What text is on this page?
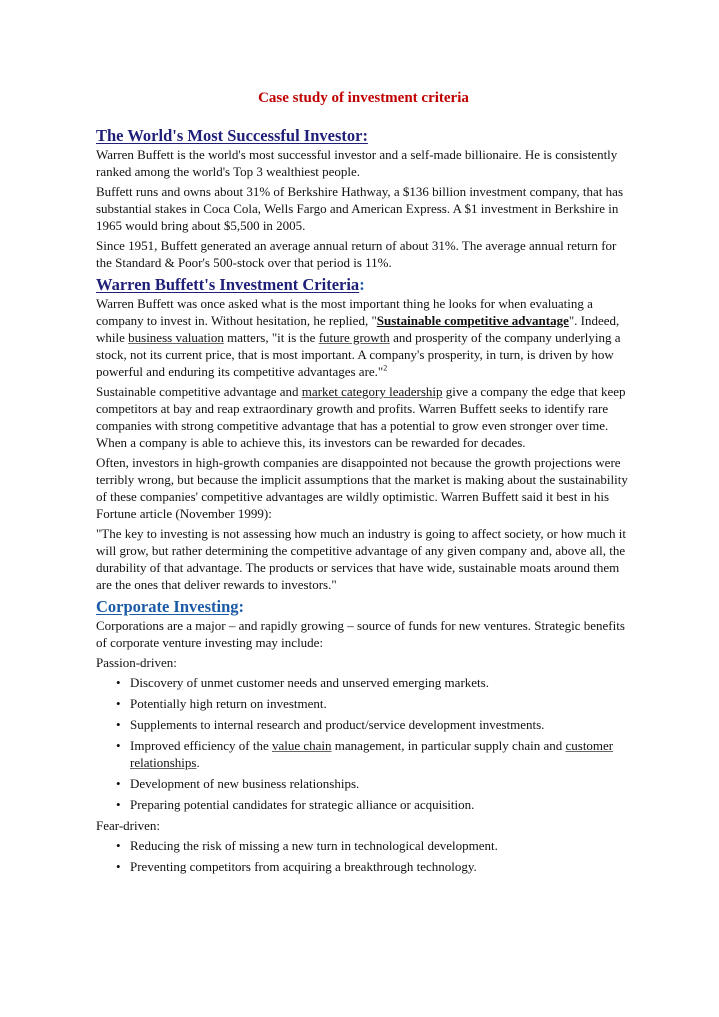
Case study of investment criteria
The World's Most Successful Investor:

Warren Buffett is the world's most successful investor and a self-made billionaire. He is consistently ranked among the world's Top 3 wealthiest people.

Buffett runs and owns about 31% of Berkshire Hathway, a $136 billion investment company, that has substantial stakes in Coca Cola, Wells Fargo and American Express. A $1 investment in Berkshire in 1965 would bring about $5,500 in 2005.

Since 1951, Buffett generated an average annual return of about 31%. The average annual return for the Standard & Poor's 500-stock over that period is 11%.

Warren Buffett's Investment Criteria:

Warren Buffett was once asked what is the most important thing he looks for when evaluating a company to invest in. Without hesitation, he replied, "Sustainable competitive advantage". Indeed, while business valuation matters, "it is the future growth and prosperity of the company underlying a stock, not its current price, that is most important. A company's prosperity, in turn, is driven by how powerful and enduring its competitive advantages are."$^2$

Sustainable competitive advantage and market category leadership give a company the edge that keep competitors at bay and reap extraordinary growth and profits. Warren Buffett seeks to identify rare companies with strong competitive advantage that has a potential to grow even stronger over time. When a company is able to achieve this, its investors can be rewarded for decades.

Often, investors in high-growth companies are disappointed not because the growth projections were terribly wrong, but because the implicit assumptions that the market is making about the sustainability of these companies' competitive advantages are wildly optimistic. Warren Buffett said it best in his Fortune article (November 1999):

"The key to investing is not assessing how much an industry is going to affect society, or how much it will grow, but rather determining the competitive advantage of any given company and, above all, the durability of that advantage. The products or services that have wide, sustainable moats around them are the ones that deliver rewards to investors."

Corporate Investing:

Corporations are a major – and rapidly growing – source of funds for new ventures. Strategic benefits of corporate venture investing may include:

Passion-driven:

• Discovery of unmet customer needs and unserved emerging markets.
• Potentially high return on investment.
• Supplements to internal research and product/service development investments.
• Improved efficiency of the value chain management, in particular supply chain and customer relationships.
• Development of new business relationships.
• Preparing potential candidates for strategic alliance or acquisition.

Fear-driven:

• Reducing the risk of missing a new turn in technological development.
• Preventing competitors from acquiring a breakthrough technology.
